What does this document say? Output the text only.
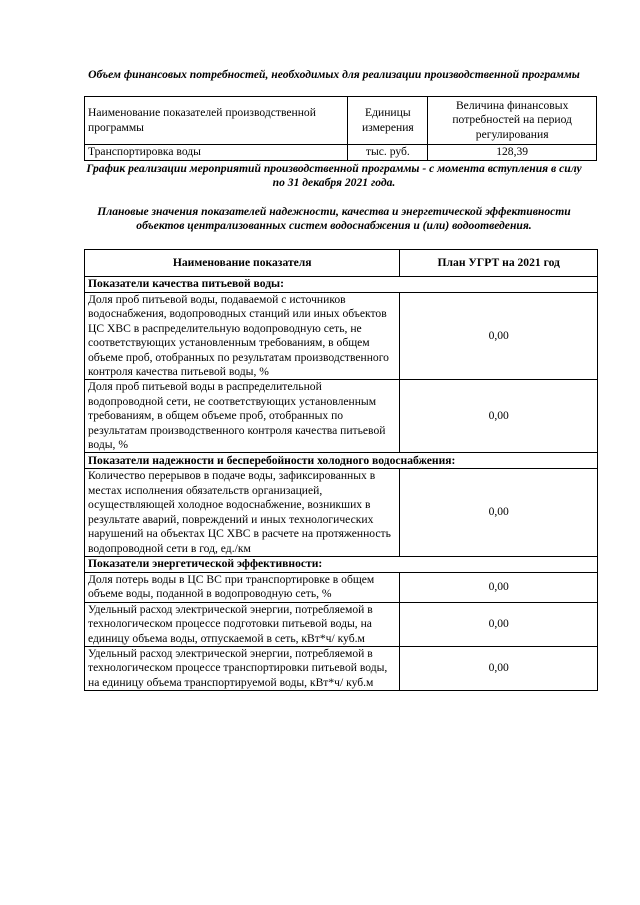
Объем финансовых потребностей, необходимых для реализации производственной программы
Наименование показателей производственной программы	Единицы измерения	Величина финансовых потребностей на период регулирования
Транспортировка воды	тыс. руб.	128,39
График реализации мероприятий производственной программы - с момента вступления в силу по 31 декабря 2021 года.
Плановые значения показателей надежности, качества и энергетической эффективности объектов централизованных систем водоснабжения и (или) водоотведения.
Наименование показателя	План УГРТ на 2021 год
Показатели качества питьевой воды:	
Доля проб питьевой воды, подаваемой с источников водоснабжения, водопроводных станций или иных объектов ЦС ХВС в распределительную водопроводную сеть, не соответствующих установленным требованиям, в общем объеме проб, отобранных по результатам производственного контроля качества питьевой воды, %	0,00
Доля проб питьевой воды в распределительной водопроводной сети, не соответствующих установленным требованиям, в общем объеме проб, отобранных по результатам производственного контроля качества питьевой воды, %	0,00
Показатели надежности и бесперебойности холодного водоснабжения:	
Количество перерывов в подаче воды, зафиксированных в местах исполнения обязательств организацией, осуществляющей холодное водоснабжение, возникших в результате аварий, повреждений и иных технологических нарушений на объектах ЦС ХВС в расчете на протяженность водопроводной сети в год, ед./км	0,00
Показатели энергетической эффективности:	
Доля потерь воды в ЦС ВС при транспортировке в общем объеме воды, поданной в водопроводную сеть, %	0,00
Удельный расход электрической энергии, потребляемой в технологическом процессе подготовки питьевой воды, на единицу объема воды, отпускаемой в сеть, кВт*ч/ куб.м	0,00
Удельный расход электрической энергии, потребляемой в технологическом процессе транспортировки питьевой воды, на единицу объема транспортируемой воды, кВт*ч/ куб.м	0,00
